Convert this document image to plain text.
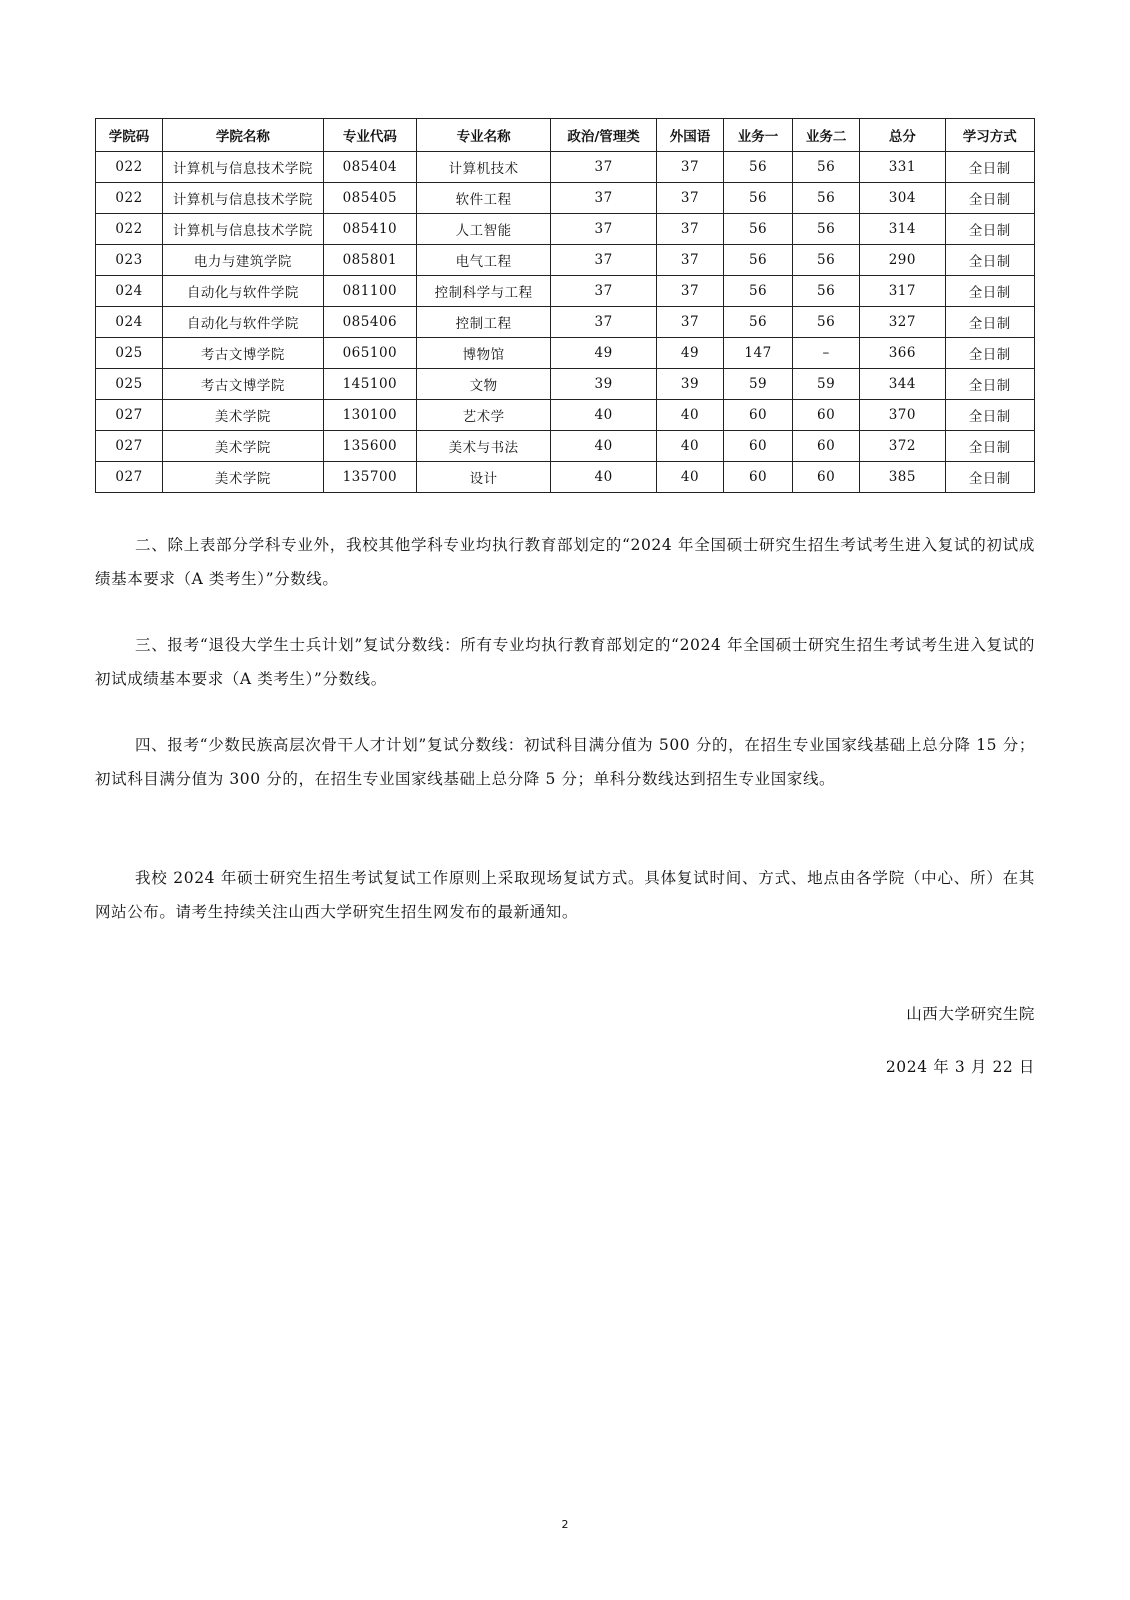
学院码	学院名称	专业代码	专业名称	政治/管理类	外国语	业务一	业务二	总分	学习方式
022	计算机与信息技术学院	085404	计算机技术	37	37	56	56	331	全日制
022	计算机与信息技术学院	085405	软件工程	37	37	56	56	304	全日制
022	计算机与信息技术学院	085410	人工智能	37	37	56	56	314	全日制
023	电力与建筑学院	085801	电气工程	37	37	56	56	290	全日制
024	自动化与软件学院	081100	控制科学与工程	37	37	56	56	317	全日制
024	自动化与软件学院	085406	控制工程	37	37	56	56	327	全日制
025	考古文博学院	065100	博物馆	49	49	147	–	366	全日制
025	考古文博学院	145100	文物	39	39	59	59	344	全日制
027	美术学院	130100	艺术学	40	40	60	60	370	全日制
027	美术学院	135600	美术与书法	40	40	60	60	372	全日制
027	美术学院	135700	设计	40	40	60	60	385	全日制

二、除上表部分学科专业外，我校其他学科专业均执行教育部划定的“2024 年全国硕士研究生招生考试考生进入复试的初试成绩基本要求（A 类考生）”分数线。

三、报考“退役大学生士兵计划”复试分数线：所有专业均执行教育部划定的“2024 年全国硕士研究生招生考试考生进入复试的初试成绩基本要求（A 类考生）”分数线。

四、报考“少数民族高层次骨干人才计划”复试分数线：初试科目满分值为 500 分的，在招生专业国家线基础上总分降 15 分；初试科目满分值为 300 分的，在招生专业国家线基础上总分降 5 分；单科分数线达到招生专业国家线。

我校 2024 年硕士研究生招生考试复试工作原则上采取现场复试方式。具体复试时间、方式、地点由各学院（中心、所）在其网站公布。请考生持续关注山西大学研究生招生网发布的最新通知。

山西大学研究生院
2024 年 3 月 22 日
2
